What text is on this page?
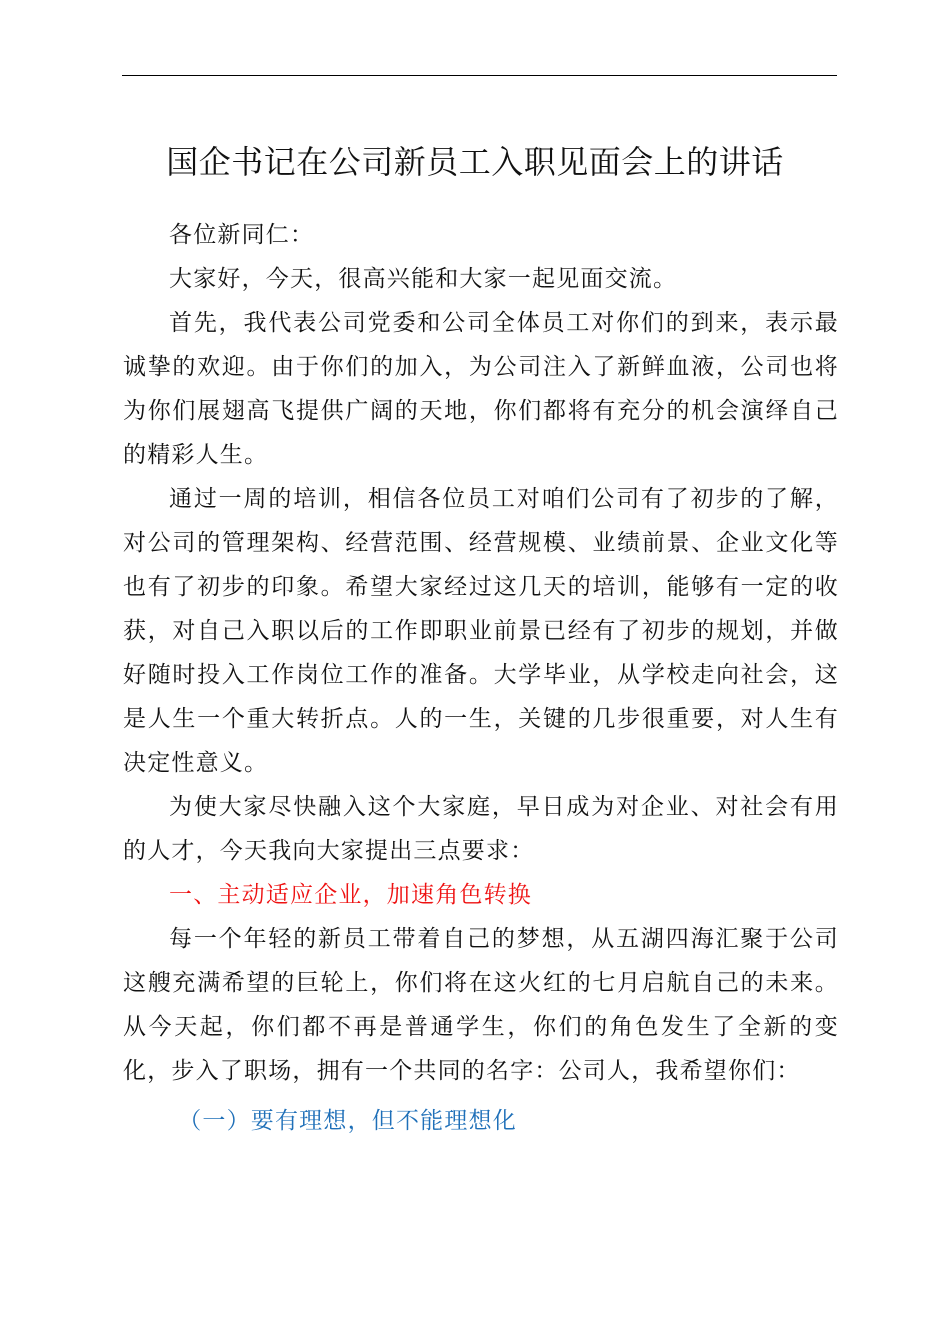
国企书记在公司新员工入职见面会上的讲话

各位新同仁：

大家好，今天，很高兴能和大家一起见面交流。

首先，我代表公司党委和公司全体员工对你们的到来，表示最诚挚的欢迎。由于你们的加入，为公司注入了新鲜血液，公司也将为你们展翅高飞提供广阔的天地，你们都将有充分的机会演绎自己的精彩人生。

通过一周的培训，相信各位员工对咱们公司有了初步的了解，对公司的管理架构、经营范围、经营规模、业绩前景、企业文化等也有了初步的印象。希望大家经过这几天的培训，能够有一定的收获，对自己入职以后的工作即职业前景已经有了初步的规划，并做好随时投入工作岗位工作的准备。大学毕业，从学校走向社会，这是人生一个重大转折点。人的一生，关键的几步很重要，对人生有决定性意义。

为使大家尽快融入这个大家庭，早日成为对企业、对社会有用的人才，今天我向大家提出三点要求：

一、主动适应企业，加速角色转换

每一个年轻的新员工带着自己的梦想，从五湖四海汇聚于公司这艘充满希望的巨轮上，你们将在这火红的七月启航自己的未来。从今天起，你们都不再是普通学生，你们的角色发生了全新的变化，步入了职场，拥有一个共同的名字：公司人，我希望你们：

（一）要有理想，但不能理想化
